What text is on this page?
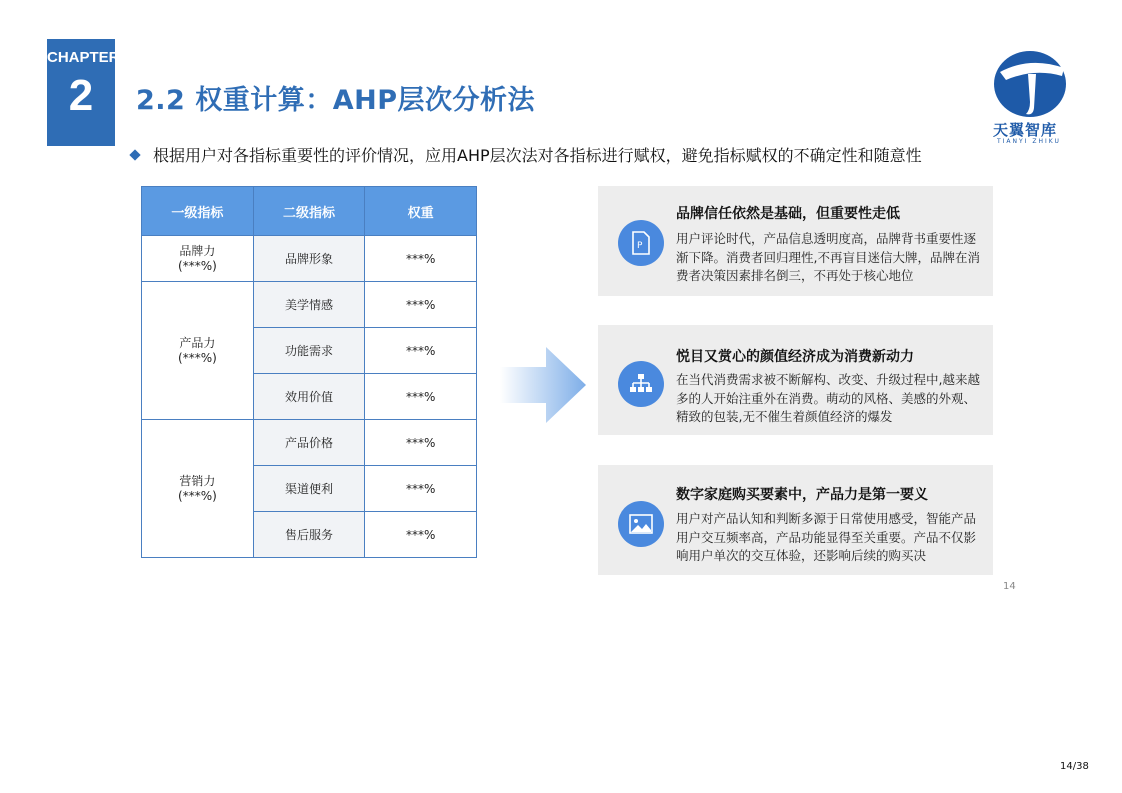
CHAPTER
2	2.2 权重计算：AHP层次分析法
天翼智库
TIANYI ZHIKU
根据用户对各指标重要性的评价情况，应用AHP层次法对各指标进行赋权，避免指标赋权的不确定性和随意性
一级指标	二级指标	权重
品牌力
(***%)	品牌形象	***%
产品力
(***%)	美学情感	***%
	功能需求	***%
	效用价值	***%
营销力
(***%)	产品价格	***%
	渠道便利	***%
	售后服务	***%
P
品牌信任依然是基础，但重要性走低
用户评论时代，产品信息透明度高，品牌背书重要性逐渐下降。消费者回归理性,不再盲目迷信大牌，品牌在消费者决策因素排名倒三，不再处于核心地位
悦目又赏心的颜值经济成为消费新动力
在当代消费需求被不断解构、改变、升级过程中,越来越多的人开始注重外在消费。萌动的风格、美感的外观、精致的包装,无不催生着颜值经济的爆发
数字家庭购买要素中，产品力是第一要义
用户对产品认知和判断多源于日常使用感受，智能产品用户交互频率高，产品功能显得至关重要。产品不仅影响用户单次的交互体验，还影响后续的购买决
14
14/38
